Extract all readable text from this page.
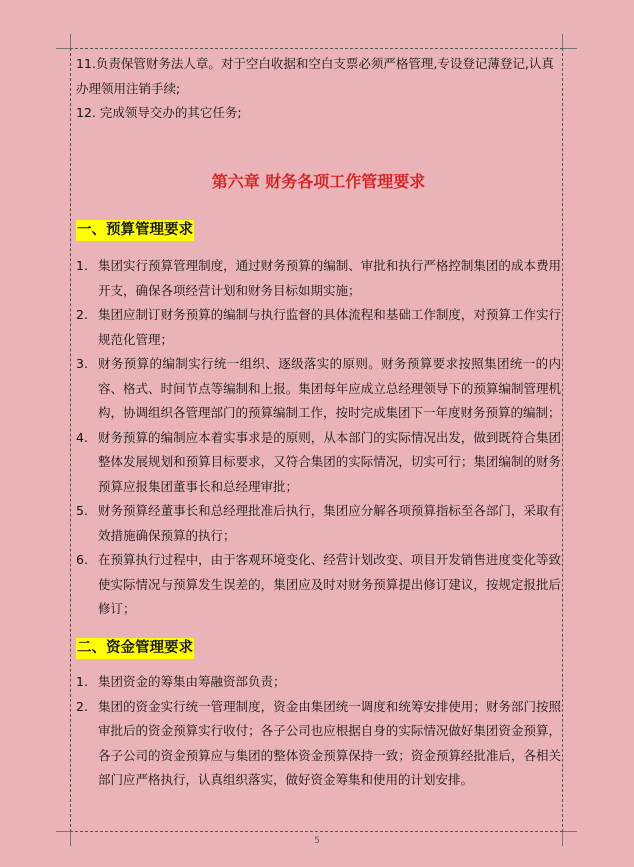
11.负责保管财务法人章。对于空白收据和空白支票必须严格管理,专设登记薄登记,认真办理领用注销手续;

12. 完成领导交办的其它任务;

第六章 财务各项工作管理要求
一、预算管理要求
1. 集团实行预算管理制度，通过财务预算的编制、审批和执行严格控制集团的成本费用开支，确保各项经营计划和财务目标如期实施；
2. 集团应制订财务预算的编制与执行监督的具体流程和基础工作制度，对预算工作实行规范化管理；
3. 财务预算的编制实行统一组织、逐级落实的原则。财务预算要求按照集团统一的内容、格式、时间节点等编制和上报。集团每年应成立总经理领导下的预算编制管理机构，协调组织各管理部门的预算编制工作，按时完成集团下一年度财务预算的编制；
4. 财务预算的编制应本着实事求是的原则，从本部门的实际情况出发，做到既符合集团整体发展规划和预算目标要求，又符合集团的实际情况，切实可行；集团编制的财务预算应报集团董事长和总经理审批；
5. 财务预算经董事长和总经理批准后执行，集团应分解各项预算指标至各部门，采取有效措施确保预算的执行；
6. 在预算执行过程中，由于客观环境变化、经营计划改变、项目开发销售进度变化等致使实际情况与预算发生误差的，集团应及时对财务预算提出修订建议，按规定报批后修订；
二、资金管理要求
1. 集团资金的筹集由筹融资部负责；
2. 集团的资金实行统一管理制度，资金由集团统一调度和统筹安排使用；财务部门按照审批后的资金预算实行收付；各子公司也应根据自身的实际情况做好集团资金预算，各子公司的资金预算应与集团的整体资金预算保持一致；资金预算经批准后，各相关部门应严格执行，认真组织落实，做好资金筹集和使用的计划安排。
5
